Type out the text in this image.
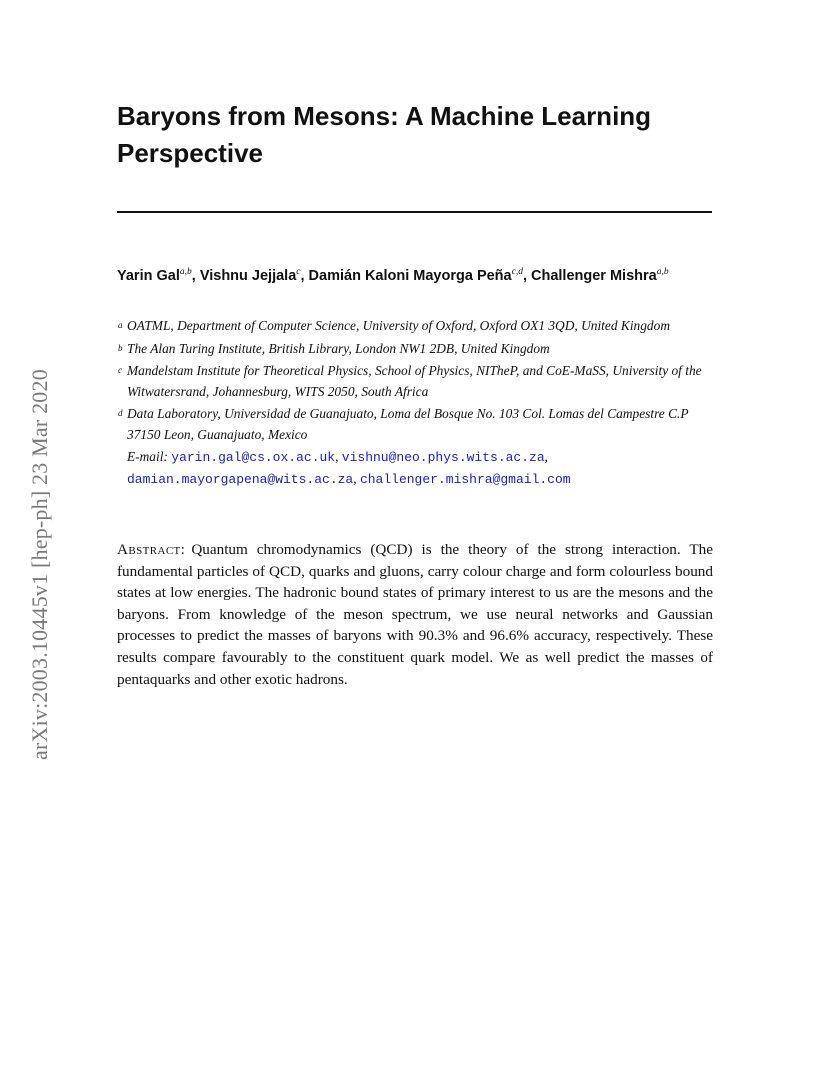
arXiv:2003.10445v1 [hep-ph] 23 Mar 2020
Baryons from Mesons: A Machine Learning Perspective
Yarin Gal$^{a,b}$, Vishnu Jejjala$^c$, Damián Kaloni Mayorga Peña$^{c,d}$, Challenger Mishra$^{a,b}$
a OATML, Department of Computer Science, University of Oxford, Oxford OX1 3QD, United Kingdom
b The Alan Turing Institute, British Library, London NW1 2DB, United Kingdom
c Mandelstam Institute for Theoretical Physics, School of Physics, NITheP, and CoE-MaSS, University of the Witwatersrand, Johannesburg, WITS 2050, South Africa
d Data Laboratory, Universidad de Guanajuato, Loma del Bosque No. 103 Col. Lomas del Campestre C.P 37150 Leon, Guanajuato, Mexico
E-mail: yarin.gal@cs.ox.ac.uk, vishnu@neo.phys.wits.ac.za,
damian.mayorgapena@wits.ac.za, challenger.mishra@gmail.com

Abstract: Quantum chromodynamics (QCD) is the theory of the strong interaction. The fundamental particles of QCD, quarks and gluons, carry colour charge and form colourless bound states at low energies. The hadronic bound states of primary interest to us are the mesons and the baryons. From knowledge of the meson spectrum, we use neural networks and Gaussian processes to predict the masses of baryons with 90.3% and 96.6% accuracy, respectively. These results compare favourably to the constituent quark model. We as well predict the masses of pentaquarks and other exotic hadrons.
